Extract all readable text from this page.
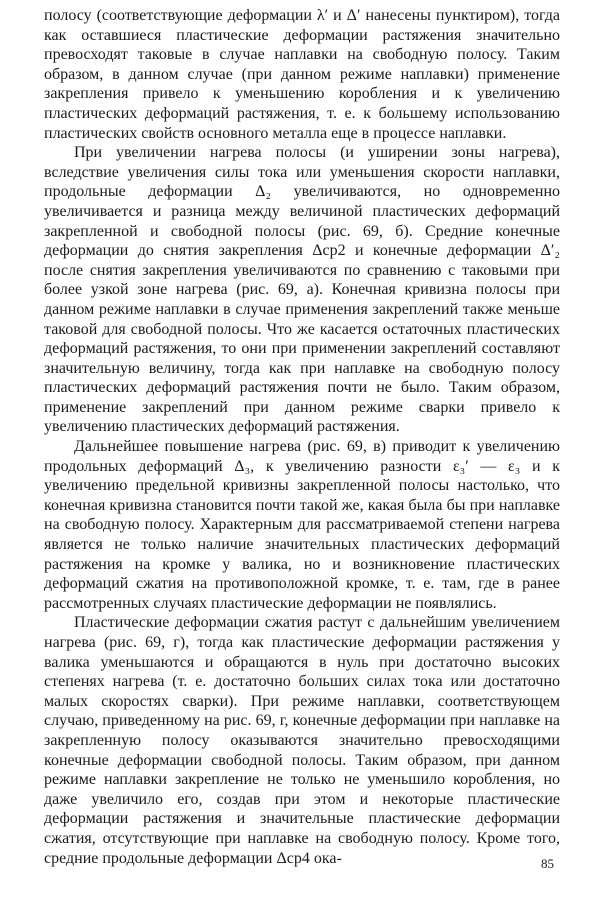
полосу (соответствующие деформации λ′ и Δ′ нанесены пунктиром), тогда как оставшиеся пластические деформации растяжения значительно превосходят таковые в случае наплавки на свободную полосу. Таким образом, в данном случае (при данном режиме наплавки) применение закрепления привело к уменьшению коробления и к увеличению пластических деформаций растяжения, т. е. к большему использованию пластических свойств основного металла еще в процессе наплавки.

При увеличении нагрева полосы (и уширении зоны нагрева), вследствие увеличения силы тока или уменьшения скорости наплавки, продольные деформации Δ₂ увеличиваются, но одновременно увеличивается и разница между величиной пластических деформаций закрепленной и свободной полосы (рис. 69, б). Средние конечные деформации до снятия закрепления Δср2 и конечные деформации Δ′₂ после снятия закрепления увеличиваются по сравнению с таковыми при более узкой зоне нагрева (рис. 69, а). Конечная кривизна полосы при данном режиме наплавки в случае применения закреплений также меньше таковой для свободной полосы. Что же касается остаточных пластических деформаций растяжения, то они при применении закреплений составляют значительную величину, тогда как при наплавке на свободную полосу пластических деформаций растяжения почти не было. Таким образом, применение закреплений при данном режиме сварки привело к увеличению пластических деформаций растяжения.

Дальнейшее повышение нагрева (рис. 69, в) приводит к увеличению продольных деформаций Δ₃, к увеличению разности ε₃′ — ε₃ и к увеличению предельной кривизны закрепленной полосы настолько, что конечная кривизна становится почти такой же, какая была бы при наплавке на свободную полосу. Характерным для рассматриваемой степени нагрева является не только наличие значительных пластических деформаций растяжения на кромке у валика, но и возникновение пластических деформаций сжатия на противоположной кромке, т. е. там, где в ранее рассмотренных случаях пластические деформации не появлялись.

Пластические деформации сжатия растут с дальнейшим увеличением нагрева (рис. 69, г), тогда как пластические деформации растяжения у валика уменьшаются и обращаются в нуль при достаточно высоких степенях нагрева (т. е. достаточно больших силах тока или достаточно малых скоростях сварки). При режиме наплавки, соответствующем случаю, приведенному на рис. 69, г, конечные деформации при наплавке на закрепленную полосу оказываются значительно превосходящими конечные деформации свободной полосы. Таким образом, при данном режиме наплавки закрепление не только не уменьшило коробления, но даже увеличило его, создав при этом и некоторые пластические деформации растяжения и значительные пластические деформации сжатия, отсутствующие при наплавке на свободную полосу. Кроме того, средние продольные деформации Δср4 ока-	85
